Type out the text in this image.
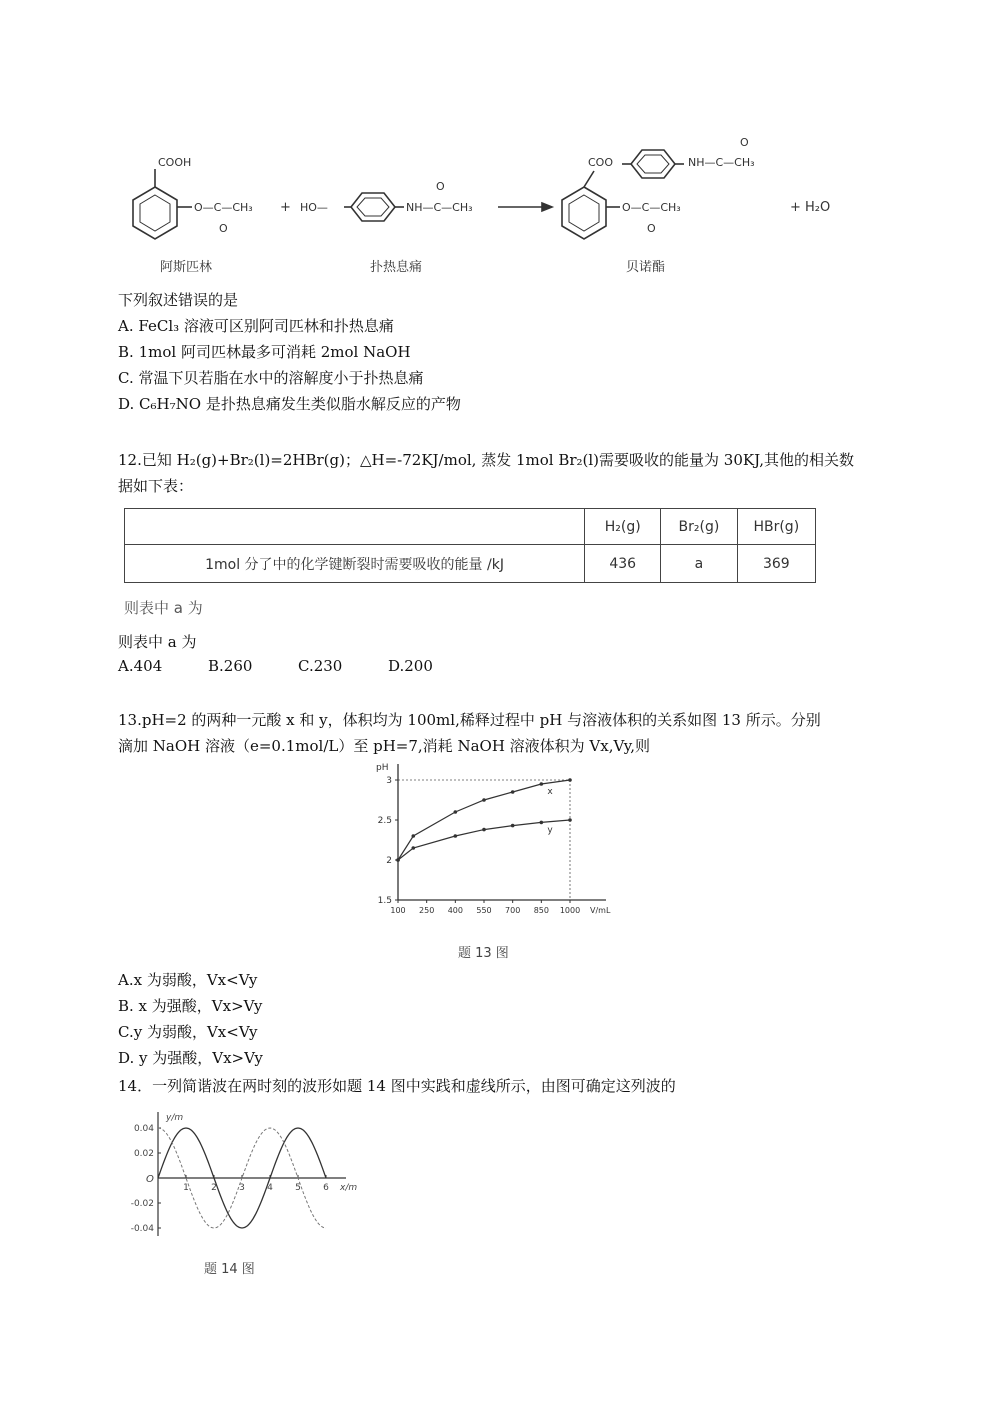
COOH
O—C—CH₃
O
阿斯匹林
+ HO—	NH—C—CH₃
O
扑热息痛
COO	NH—C—CH₃
O
O—C—CH₃
O
贝诺酯
+ H₂O
下列叙述错误的是
A. FeCl₃ 溶液可区别阿司匹林和扑热息痛
B. 1mol 阿司匹林最多可消耗 2mol NaOH
C. 常温下贝若脂在水中的溶解度小于扑热息痛
D. C₆H₇NO 是扑热息痛发生类似脂水解反应的产物
12.已知 H₂(g)+Br₂(l)=2HBr(g)；△H=-72KJ/mol, 蒸发 1mol Br₂(l)需要吸收的能量为 30KJ,其他的相关数
据如下表：
	H₂(g)	Br₂(g)	HBr(g)
1mol 分了中的化学键断裂时需要吸收的能量 /kJ	436	a	369
则表中 a 为
则表中 a 为
A.404	B.260	C.230	D.200
13.pH=2 的两种一元酸 x 和 y，体积均为 100ml,稀释过程中 pH 与溶液体积的关系如图 13 所示。分别
滴加 NaOH 溶液（e=0.1mol/L）至 pH=7,消耗 NaOH 溶液体积为 Vx,Vy,则
pH
V/mL
1.5
2
2.5
3
100 250 400 550 700 850 1000
x
y
题 13 图
A.x 为弱酸，Vx<Vy
B. x 为强酸，Vx>Vy
C.y 为弱酸，Vx<Vy
D. y 为强酸，Vx>Vy
14．一列简谐波在两时刻的波形如题 14 图中实践和虚线所示，由图可确定这列波的
y/m
x/m
O
0.04
0.02
-0.02
-0.04
1 2 3 4 5 6
题 14 图
